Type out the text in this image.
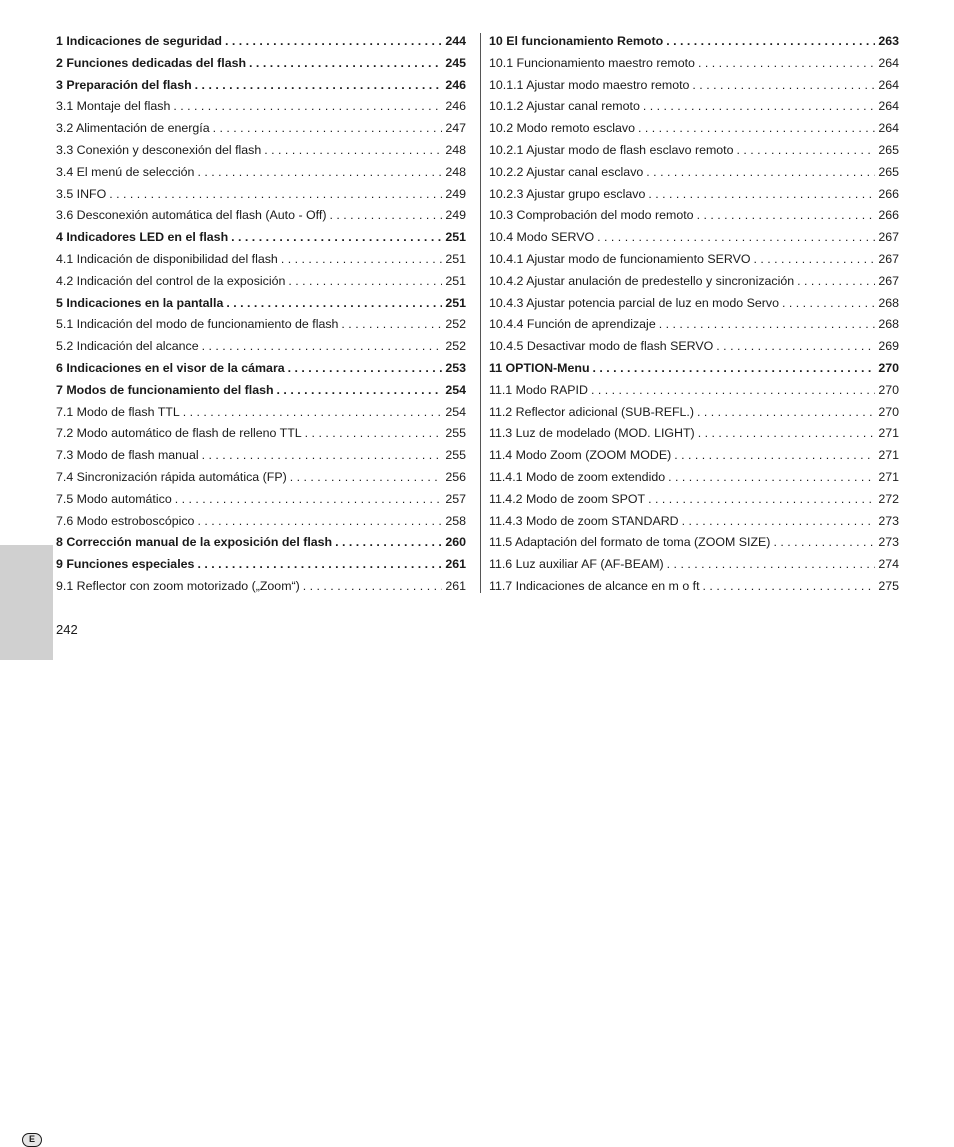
E
242
1 Indicaciones de seguridad . . .	244
2 Funciones dedicadas del flash . . .	245
3 Preparación del flash . . .	246
3.1 Montaje del flash . . .	246
3.2 Alimentación de energía . . .	247
3.3 Conexión y desconexión del flash . . .	248
3.4 El menú de selección . . .	248
3.5 INFO . . .	249
3.6 Desconexión automática del flash (Auto - Off) . . .	249
4 Indicadores LED en el flash . . .	251
4.1 Indicación de disponibilidad del flash . . .	251
4.2 Indicación del control de la exposición . . .	251
5 Indicaciones en la pantalla . . .	251
5.1 Indicación del modo de funcionamiento de flash . . .	252
5.2 Indicación del alcance . . .	252
6 Indicaciones en el visor de la cámara . . .	253
7 Modos de funcionamiento del flash . . .	254
7.1 Modo de flash TTL . . .	254
7.2 Modo automático de flash de relleno TTL . . .	255
7.3 Modo de flash manual . . .	255
7.4 Sincronización rápida automática (FP) . . .	256
7.5 Modo automático . . .	257
7.6 Modo estroboscópico . . .	258
8 Corrección manual de la exposición del flash . . .	260
9 Funciones especiales . . .	261
9.1 Reflector con zoom motorizado („Zoom“) . . .	261
10 El funcionamiento Remoto . . .	263
10.1 Funcionamiento maestro remoto . . .	264
10.1.1 Ajustar modo maestro remoto . . .	264
10.1.2 Ajustar canal remoto . . .	264
10.2 Modo remoto esclavo . . .	264
10.2.1 Ajustar modo de flash esclavo remoto . . .	265
10.2.2 Ajustar canal esclavo . . .	265
10.2.3 Ajustar grupo esclavo . . .	266
10.3 Comprobación del modo remoto . . .	266
10.4 Modo SERVO . . .	267
10.4.1 Ajustar modo de funcionamiento SERVO . . .	267
10.4.2 Ajustar anulación de predestello y sincronización . . .	267
10.4.3 Ajustar potencia parcial de luz en modo Servo . . .	268
10.4.4 Función de aprendizaje . . .	268
10.4.5 Desactivar modo de flash SERVO . . .	269
11 OPTION-Menu . . .	270
11.1 Modo RAPID . . .	270
11.2 Reflector adicional (SUB-REFL.) . . .	270
11.3 Luz de modelado (MOD. LIGHT) . . .	271
11.4 Modo Zoom (ZOOM MODE) . . .	271
11.4.1 Modo de zoom extendido . . .	271
11.4.2 Modo de zoom SPOT . . .	272
11.4.3 Modo de zoom STANDARD . . .	273
11.5 Adaptación del formato de toma (ZOOM SIZE) . . .	273
11.6 Luz auxiliar AF (AF-BEAM) . . .	274
11.7 Indicaciones de alcance en m o ft . . .	275
